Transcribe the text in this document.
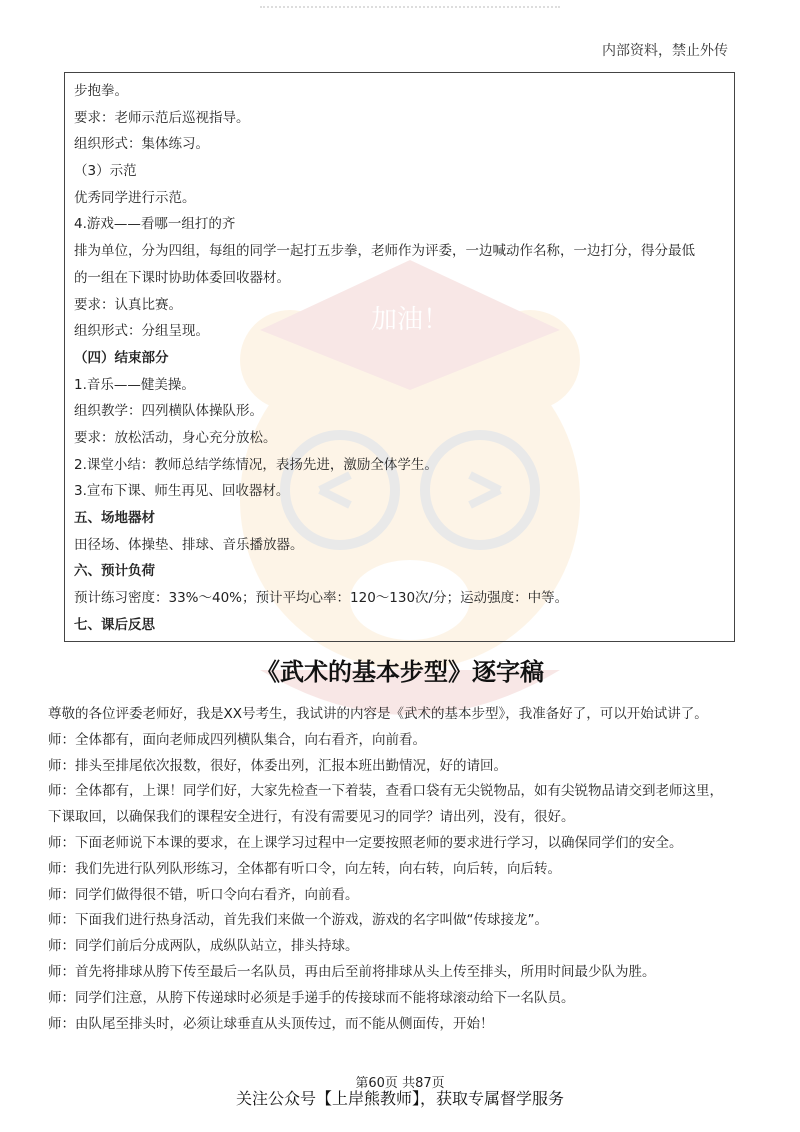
内部资料，禁止外传
加油！

步抱拳。

要求：老师示范后巡视指导。

组织形式：集体练习。

（3）示范

优秀同学进行示范。

4.游戏——看哪一组打的齐

排为单位，分为四组，每组的同学一起打五步拳，老师作为评委，一边喊动作名称，一边打分，得分最低

的一组在下课时协助体委回收器材。

要求：认真比赛。

组织形式：分组呈现。

（四）结束部分

1.音乐——健美操。

组织教学：四列横队体操队形。

要求：放松活动，身心充分放松。

2.课堂小结：教师总结学练情况，表扬先进，激励全体学生。

3.宣布下课、师生再见、回收器材。

五、场地器材

田径场、体操垫、排球、音乐播放器。

六、预计负荷

预计练习密度：33%～40%；预计平均心率：120～130次/分；运动强度：中等。

七、课后反思

《武术的基本步型》逐字稿

尊敬的各位评委老师好，我是XX号考生，我试讲的内容是《武术的基本步型》，我准备好了，可以开始试讲了。

师：全体都有，面向老师成四列横队集合，向右看齐，向前看。

师：排头至排尾依次报数，很好，体委出列，汇报本班出勤情况，好的请回。

师：全体都有，上课！同学们好，大家先检查一下着装，查看口袋有无尖锐物品，如有尖锐物品请交到老师这里，

下课取回，以确保我们的课程安全进行，有没有需要见习的同学？请出列，没有，很好。

师：下面老师说下本课的要求，在上课学习过程中一定要按照老师的要求进行学习，以确保同学们的安全。

师：我们先进行队列队形练习，全体都有听口令，向左转，向右转，向后转，向后转。

师：同学们做得很不错，听口令向右看齐，向前看。

师：下面我们进行热身活动，首先我们来做一个游戏，游戏的名字叫做“传球接龙”。

师：同学们前后分成两队，成纵队站立，排头持球。

师：首先将排球从胯下传至最后一名队员，再由后至前将排球从头上传至排头，所用时间最少队为胜。

师：同学们注意，从胯下传递球时必须是手递手的传接球而不能将球滚动给下一名队员。

师：由队尾至排头时，必须让球垂直从头顶传过，而不能从侧面传，开始！

第60页 共87页
关注公众号【上岸熊教师】，获取专属督学服务
